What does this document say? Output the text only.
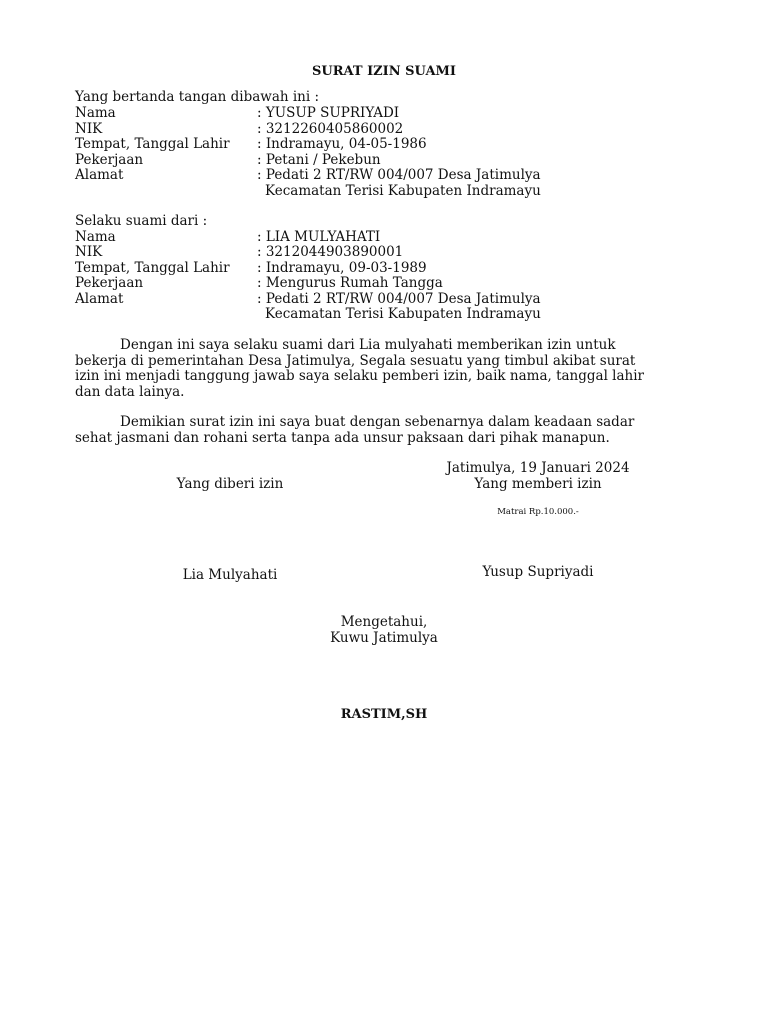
SURAT IZIN SUAMI
Yang bertanda tangan dibawah ini :
Nama	: YUSUP SUPRIYADI
NIK	: 3212260405860002
Tempat, Tanggal Lahir : Indramayu, 04-05-1986
Pekerjaan	: Petani / Pekebun
Alamat	: Pedati 2 RT/RW 004/007 Desa Jatimulya
Kecamatan Terisi Kabupaten Indramayu
Selaku suami dari :
Nama	: LIA MULYAHATI
NIK	: 3212044903890001
Tempat, Tanggal Lahir : Indramayu, 09-03-1989
Pekerjaan	: Mengurus Rumah Tangga
Alamat	: Pedati 2 RT/RW 004/007 Desa Jatimulya
Kecamatan Terisi Kabupaten Indramayu
Dengan ini saya selaku suami dari Lia mulyahati memberikan izin untuk
bekerja di pemerintahan Desa Jatimulya, Segala sesuatu yang timbul akibat surat
izin ini menjadi tanggung jawab saya selaku pemberi izin, baik nama, tanggal lahir
dan data lainya.
Demikian surat izin ini saya buat dengan sebenarnya dalam keadaan sadar
sehat jasmani dan rohani serta tanpa ada unsur paksaan dari pihak manapun.
Jatimulya, 19 Januari 2024
Yang diberi izin	Yang memberi izin
Matrai Rp.10.000.-
Yusup Supriyadi
Lia Mulyahati
Mengetahui,
Kuwu Jatimulya
RASTIM,SH
